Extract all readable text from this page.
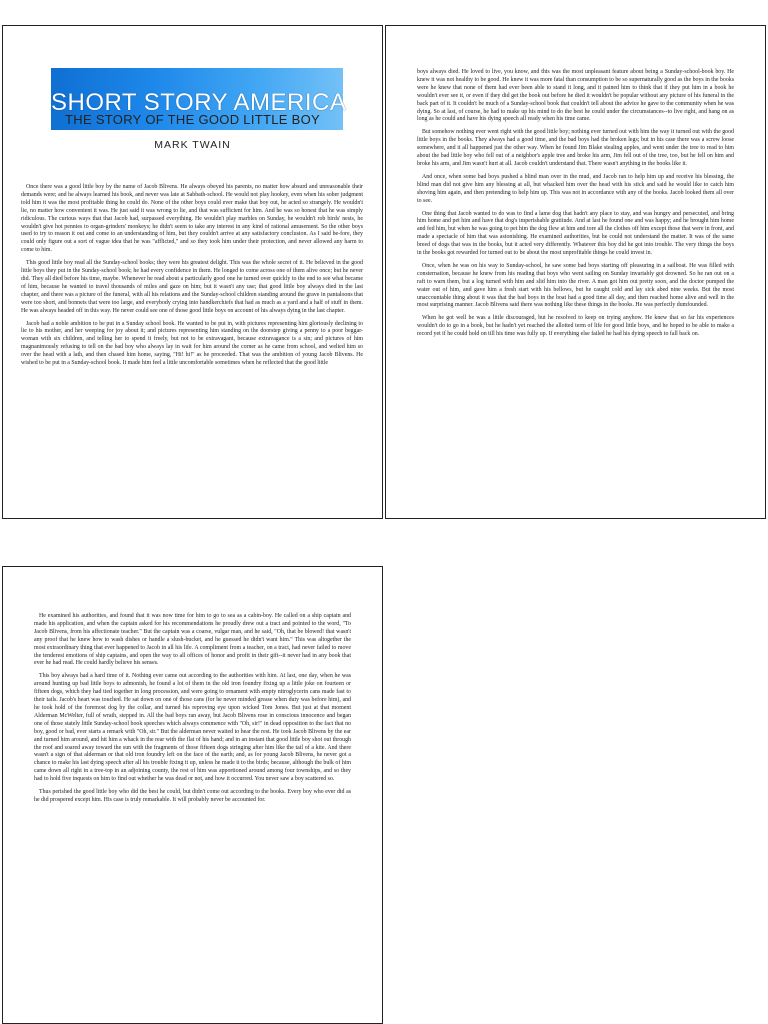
SHORT STORY AMERICA
THE STORY OF THE GOOD LITTLE BOY
MARK TWAIN

Once there was a good little boy by the name of Jacob Blivens. He always obeyed his parents, no matter how absurd and unreasonable their demands were; and he always learned his book, and never was late at Sabbath-school. He would not play hookey, even when his sober judgment told him it was the most profitable thing he could do. None of the other boys could ever make that boy out, he acted so strangely. He wouldn't lie, no matter how convenient it was. He just said it was wrong to lie, and that was sufficient for him. And he was so honest that he was simply ridiculous. The curious ways that that Jacob had, surpassed everything. He wouldn't play marbles on Sunday, he wouldn't rob birds' nests, he wouldn't give hot pennies to organ-grinders' monkeys; he didn't seem to take any interest in any kind of rational amusement. So the other boys used to try to reason it out and come to an understanding of him, but they couldn't arrive at any satisfactory conclusion. As I said be-fore, they could only figure out a sort of vague idea that he was "afflicted," and so they took him under their protection, and never allowed any harm to come to him.

This good little boy read all the Sunday-school books; they were his greatest delight. This was the whole secret of it. He believed in the good little boys they put in the Sunday-school book; he had every confidence in them. He longed to come across one of them alive once; but he never did. They all died before his time, maybe. Whenever he read about a particularly good one he turned over quickly to the end to see what became of him, because he wanted to travel thousands of miles and gaze on him; but it wasn't any use; that good little boy always died in the last chapter, and there was a picture of the funeral, with all his relations and the Sunday-school children standing around the grave in pantaloons that were too short, and bonnets that were too large, and everybody crying into handkerchiefs that had as much as a yard and a half of stuff in them. He was always headed off in this way. He never could see one of those good little boys on account of his always dying in the last chapter.

Jacob had a noble ambition to be put in a Sunday school book. He wanted to be put in, with pictures representing him gloriously declining to lie to his mother, and her weeping for joy about it; and pictures representing him standing on the doorstep giving a penny to a poor beggar-woman with six children, and telling her to spend it freely, but not to be extravagant, because extravagance is a sin; and pictures of him magnanimously refusing to tell on the bad boy who always lay in wait for him around the corner as he came from school, and welted him so over the head with a lath, and then chased him home, saying, "Hi! hi!" as he proceeded. That was the ambition of young Jacob Blivens. He wished to be put in a Sunday-school book. It made him feel a little uncomfortable sometimes when he reflected that the good little

boys always died. He loved to live, you know, and this was the most unpleasant feature about being a Sunday-school-book boy. He knew it was not healthy to be good. He knew it was more fatal than consumption to be so supernaturally good as the boys in the books were he knew that none of them had ever been able to stand it long, and it pained him to think that if they put him in a book he wouldn't ever see it, or even if they did get the book out before he died it wouldn't be popular without any picture of his funeral in the back part of it. It couldn't be much of a Sunday-school book that couldn't tell about the advice he gave to the community when he was dying. So at last, of course, he had to make up his mind to do the best he could under the circumstances--to live right, and hang on as long as he could and have his dying speech all ready when his time came.

But somehow nothing ever went right with the good little boy; nothing ever turned out with him the way it turned out with the good little boys in the books. They always had a good time, and the bad boys had the broken legs; but in his case there was a screw loose somewhere, and it all happened just the other way. When he found Jim Blake stealing apples, and went under the tree to read to him about the bad little boy who fell out of a neighbor's apple tree and broke his arm, Jim fell out of the tree, too, but he fell on him and broke his arm, and Jim wasn't hurt at all. Jacob couldn't understand that. There wasn't anything in the books like it.

And once, when some bad boys pushed a blind man over in the mud, and Jacob ran to help him up and receive his blessing, the blind man did not give him any blessing at all, but whacked him over the head with his stick and said he would like to catch him shoving him again, and then pretending to help him up. This was not in accordance with any of the books. Jacob looked them all over to see.

One thing that Jacob wanted to do was to find a lame dog that hadn't any place to stay, and was hungry and persecuted, and bring him home and pet him and have that dog's imperishable gratitude. And at last he found one and was happy; and he brought him home and fed him, but when he was going to pet him the dog flew at him and tore all the clothes off him except those that were in front, and made a spectacle of him that was astonishing. He examined authorities, but he could not understand the matter. It was of the same breed of dogs that was in the books, but it acted very differently. Whatever this boy did he got into trouble. The very things the boys in the books got rewarded for turned out to be about the most unprofitable things he could invest in.

Once, when he was on his way to Sunday-school, he saw some bad boys starting off pleasuring in a sailboat. He was filled with consternation, because he knew from his reading that boys who went sailing on Sunday invariably got drowned. So he ran out on a raft to warn them, but a log turned with him and slid him into the river. A man got him out pretty soon, and the doctor pumped the water out of him, and gave him a fresh start with his bellows, but he caught cold and lay sick abed nine weeks. But the most unaccountable thing about it was that the bad boys in the boat had a good time all day, and then reached home alive and well in the most surprising manner. Jacob Blivens said there was nothing like these things in the books. He was perfectly dumfounded.

When he got well he was a little discouraged, but he resolved to keep on trying anyhow. He knew that so far his experiences wouldn't do to go in a book, but he hadn't yet reached the allotted term of life for good little boys, and he hoped to be able to make a record yet if he could hold on till his time was fully up. If everything else failed he had his dying speech to fall back on.

He examined his authorities, and found that it was now time for him to go to sea as a cabin-boy. He called on a ship captain and made his application, and when the captain asked for his recommendations he proudly drew out a tract and pointed to the word, "To Jacob Blivens, from his affectionate teacher." But the captain was a coarse, vulgar man, and he said, "Oh, that be blowed! that wasn't any proof that he knew how to wash dishes or handle a slush-bucket, and he guessed he didn't want him." This was altogether the most extraordinary thing that ever happened to Jacob in all his life. A compliment from a teacher, on a tract, had never failed to move the tenderest emotions of ship captains, and open the way to all offices of honor and profit in their gift--it never had in any book that ever he had read. He could hardly believe his senses.

This boy always had a hard time of it. Nothing ever came out according to the authorities with him. At last, one day, when he was around hunting up bad little boys to admonish, he found a lot of them in the old iron foundry fixing up a little joke on fourteen or fifteen dogs, which they had tied together in long procession, and were going to ornament with empty nitroglycerin cans made fast to their tails. Jacob's heart was touched. He sat down on one of those cans (for he never minded grease when duty was before him), and he took hold of the foremost dog by the collar, and turned his reproving eye upon wicked Tom Jones. But just at that moment Alderman McWelter, full of wrath, stepped in. All the bad boys ran away, but Jacob Blivens rose in conscious innocence and began one of those stately little Sunday-school book speeches which always commence with "Oh, sir!" in dead opposition to the fact that no boy, good or bad, ever starts a remark with "Oh, sir." But the alderman never waited to hear the rest. He took Jacob Blivens by the ear and turned him around, and hit him a whack in the rear with the flat of his hand; and in an instant that good little boy shot out through the roof and soared away toward the sun with the fragments of those fifteen dogs stringing after him like the tail of a kite. And there wasn't a sign of that alderman or that old iron foundry left on the face of the earth; and, as for young Jacob Blivens, he never got a chance to make his last dying speech after all his trouble fixing it up, unless he made it to the birds; because, although the bulk of him came down all right in a tree-top in an adjoining county, the rest of him was apportioned around among four townships, and so they had to hold five inquests on him to find out whether he was dead or not, and how it occurred. You never saw a boy scattered so.

Thus perished the good little boy who did the best he could, but didn't come out according to the books. Every boy who ever did as he did prospered except him. His case is truly remarkable. It will probably never be accounted for.
